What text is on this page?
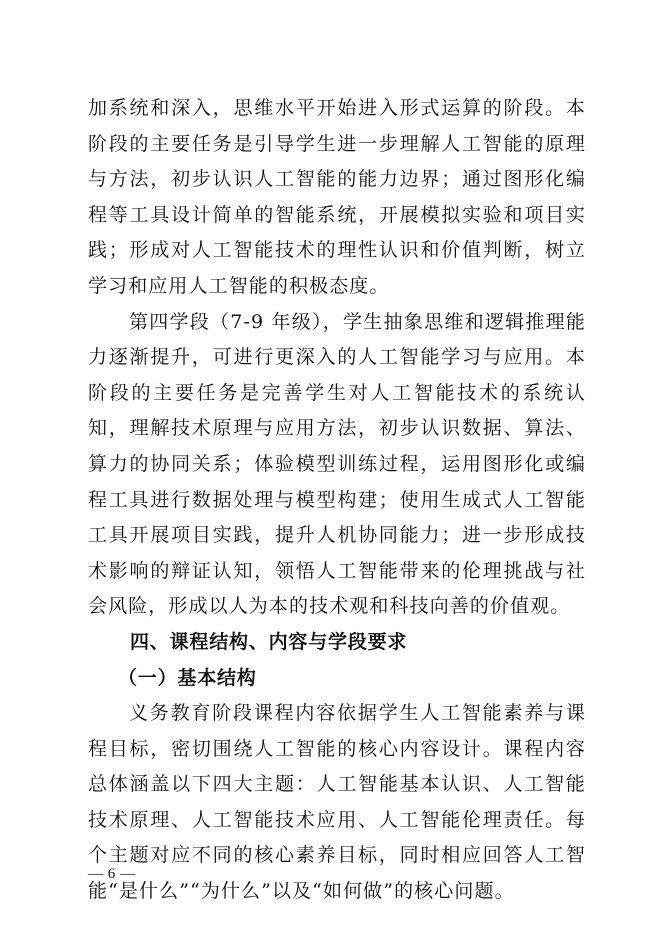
加系统和深入，思维水平开始进入形式运算的阶段。本阶段的主要任务是引导学生进一步理解人工智能的原理与方法，初步认识人工智能的能力边界；通过图形化编程等工具设计简单的智能系统，开展模拟实验和项目实践；形成对人工智能技术的理性认识和价值判断，树立学习和应用人工智能的积极态度。

第四学段（7-9 年级），学生抽象思维和逻辑推理能力逐渐提升，可进行更深入的人工智能学习与应用。本阶段的主要任务是完善学生对人工智能技术的系统认知，理解技术原理与应用方法，初步认识数据、算法、算力的协同关系；体验模型训练过程，运用图形化或编程工具进行数据处理与模型构建；使用生成式人工智能工具开展项目实践，提升人机协同能力；进一步形成技术影响的辩证认知，领悟人工智能带来的伦理挑战与社会风险，形成以人为本的技术观和科技向善的价值观。

四、课程结构、内容与学段要求
（一）基本结构

义务教育阶段课程内容依据学生人工智能素养与课程目标，密切围绕人工智能的核心内容设计。课程内容总体涵盖以下四大主题：人工智能基本认识、人工智能技术原理、人工智能技术应用、人工智能伦理责任。每个主题对应不同的核心素养目标，同时相应回答人工智能“是什么”“为什么”以及“如何做”的核心问题。

— 6 —
